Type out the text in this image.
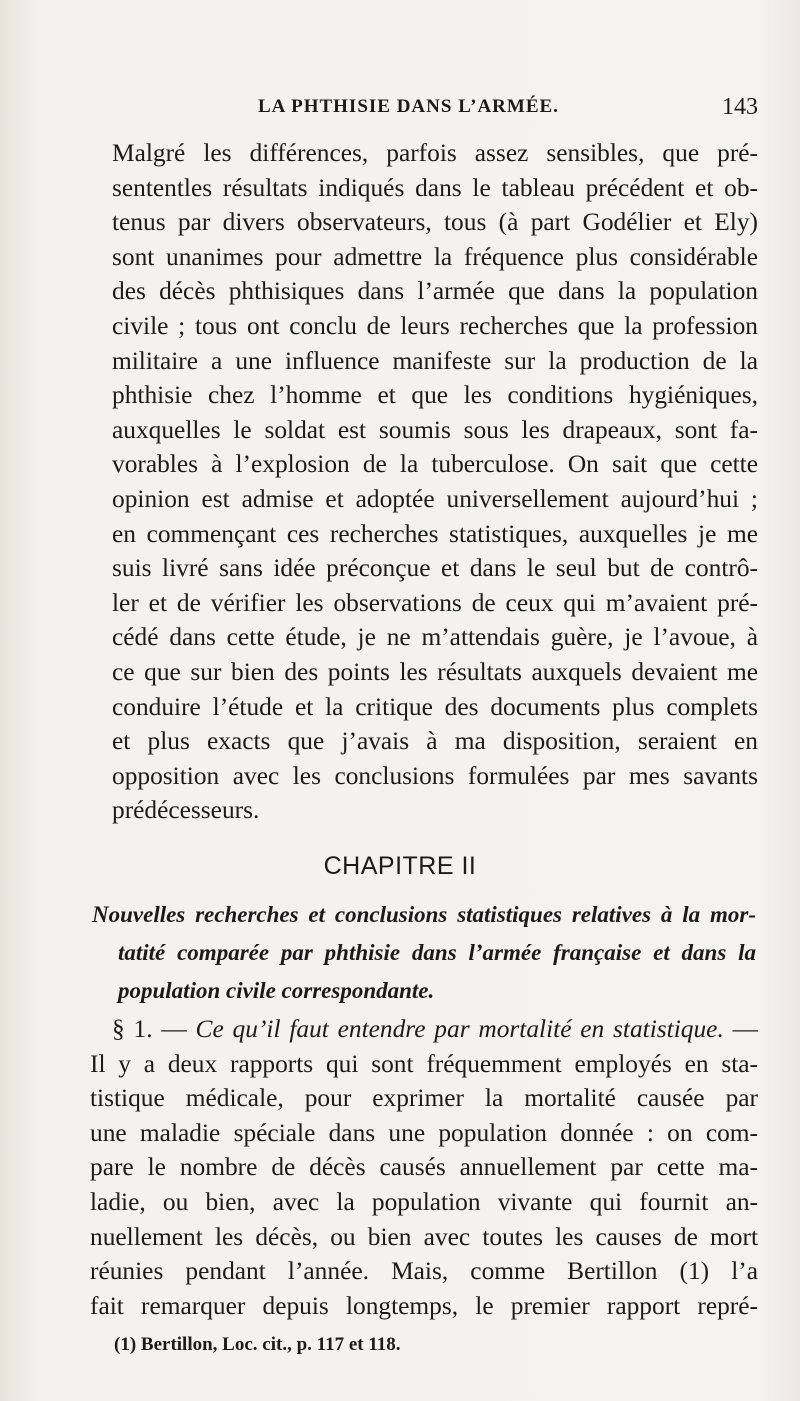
LA PHTHISIE DANS L’ARMÉE.	143
Malgré les différences, parfois assez sensibles, que pré-
sententles résultats indiqués dans le tableau précédent et ob-
tenus par divers observateurs, tous (à part Godélier et Ely)
sont unanimes pour admettre la fréquence plus considérable
des décès phthisiques dans l’armée que dans la population
civile ; tous ont conclu de leurs recherches que la profession
militaire a une influence manifeste sur la production de la
phthisie chez l’homme et que les conditions hygiéniques,
auxquelles le soldat est soumis sous les drapeaux, sont fa-
vorables à l’explosion de la tuberculose. On sait que cette
opinion est admise et adoptée universellement aujourd’hui ;
en commençant ces recherches statistiques, auxquelles je me
suis livré sans idée préconçue et dans le seul but de contrô-
ler et de vérifier les observations de ceux qui m’avaient pré-
cédé dans cette étude, je ne m’attendais guère, je l’avoue, à
ce que sur bien des points les résultats auxquels devaient me
conduire l’étude et la critique des documents plus complets
et plus exacts que j’avais à ma disposition, seraient en
opposition avec les conclusions formulées par mes savants
prédécesseurs.
CHAPITRE II
Nouvelles recherches et conclusions statistiques relatives à la mor-
tatité comparée par phthisie dans l’armée française et dans la
population civile correspondante.
§ 1. — Ce qu’il faut entendre par mortalité en statistique. —
Il y a deux rapports qui sont fréquemment employés en sta-
tistique médicale, pour exprimer la mortalité causée par
une maladie spéciale dans une population donnée : on com-
pare le nombre de décès causés annuellement par cette ma-
ladie, ou bien, avec la population vivante qui fournit an-
nuellement les décès, ou bien avec toutes les causes de mort
réunies pendant l’année. Mais, comme Bertillon (1) l’a
fait remarquer depuis longtemps, le premier rapport repré-
(1) Bertillon, Loc. cit., p. 117 et 118.
